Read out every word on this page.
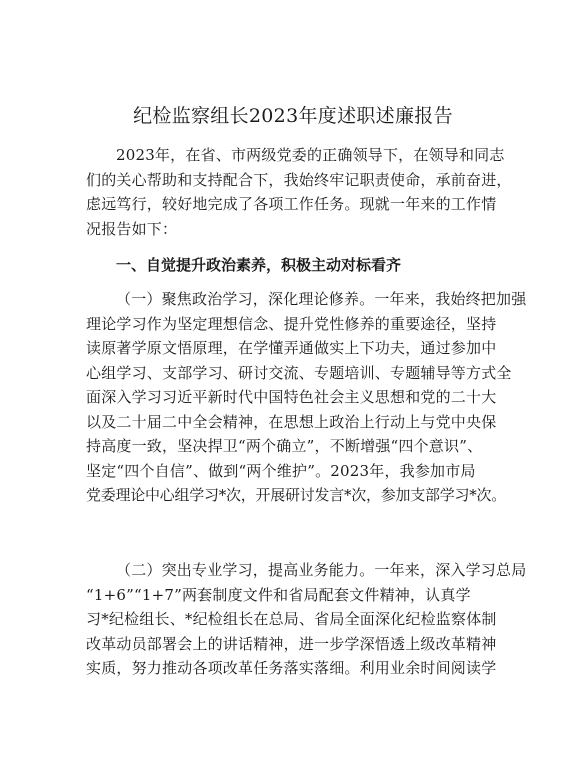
纪检监察组长2023年度述职述廉报告
2023年，在省、市两级党委的正确领导下，在领导和同志
们的关心帮助和支持配合下，我始终牢记职责使命，承前奋进，
虑远笃行，较好地完成了各项工作任务。现就一年来的工作情
况报告如下：
一、自觉提升政治素养，积极主动对标看齐
（一）聚焦政治学习，深化理论修养。一年来，我始终把加强
理论学习作为坚定理想信念、提升党性修养的重要途径，坚持
读原著学原文悟原理，在学懂弄通做实上下功夫，通过参加中
心组学习、支部学习、研讨交流、专题培训、专题辅导等方式全
面深入学习习近平新时代中国特色社会主义思想和党的二十大
以及二十届二中全会精神，在思想上政治上行动上与党中央保
持高度一致，坚决捍卫“两个确立”，不断增强“四个意识”、
坚定“四个自信”、做到“两个维护”。2023年，我参加市局
党委理论中心组学习*次，开展研讨发言*次，参加支部学习*次。
（二）突出专业学习，提高业务能力。一年来，深入学习总局
“1+6”“1+7”两套制度文件和省局配套文件精神，认真学
习*纪检组长、*纪检组长在总局、省局全面深化纪检监察体制
改革动员部署会上的讲话精神，进一步学深悟透上级改革精神
实质，努力推动各项改革任务落实落细。利用业余时间阅读学
